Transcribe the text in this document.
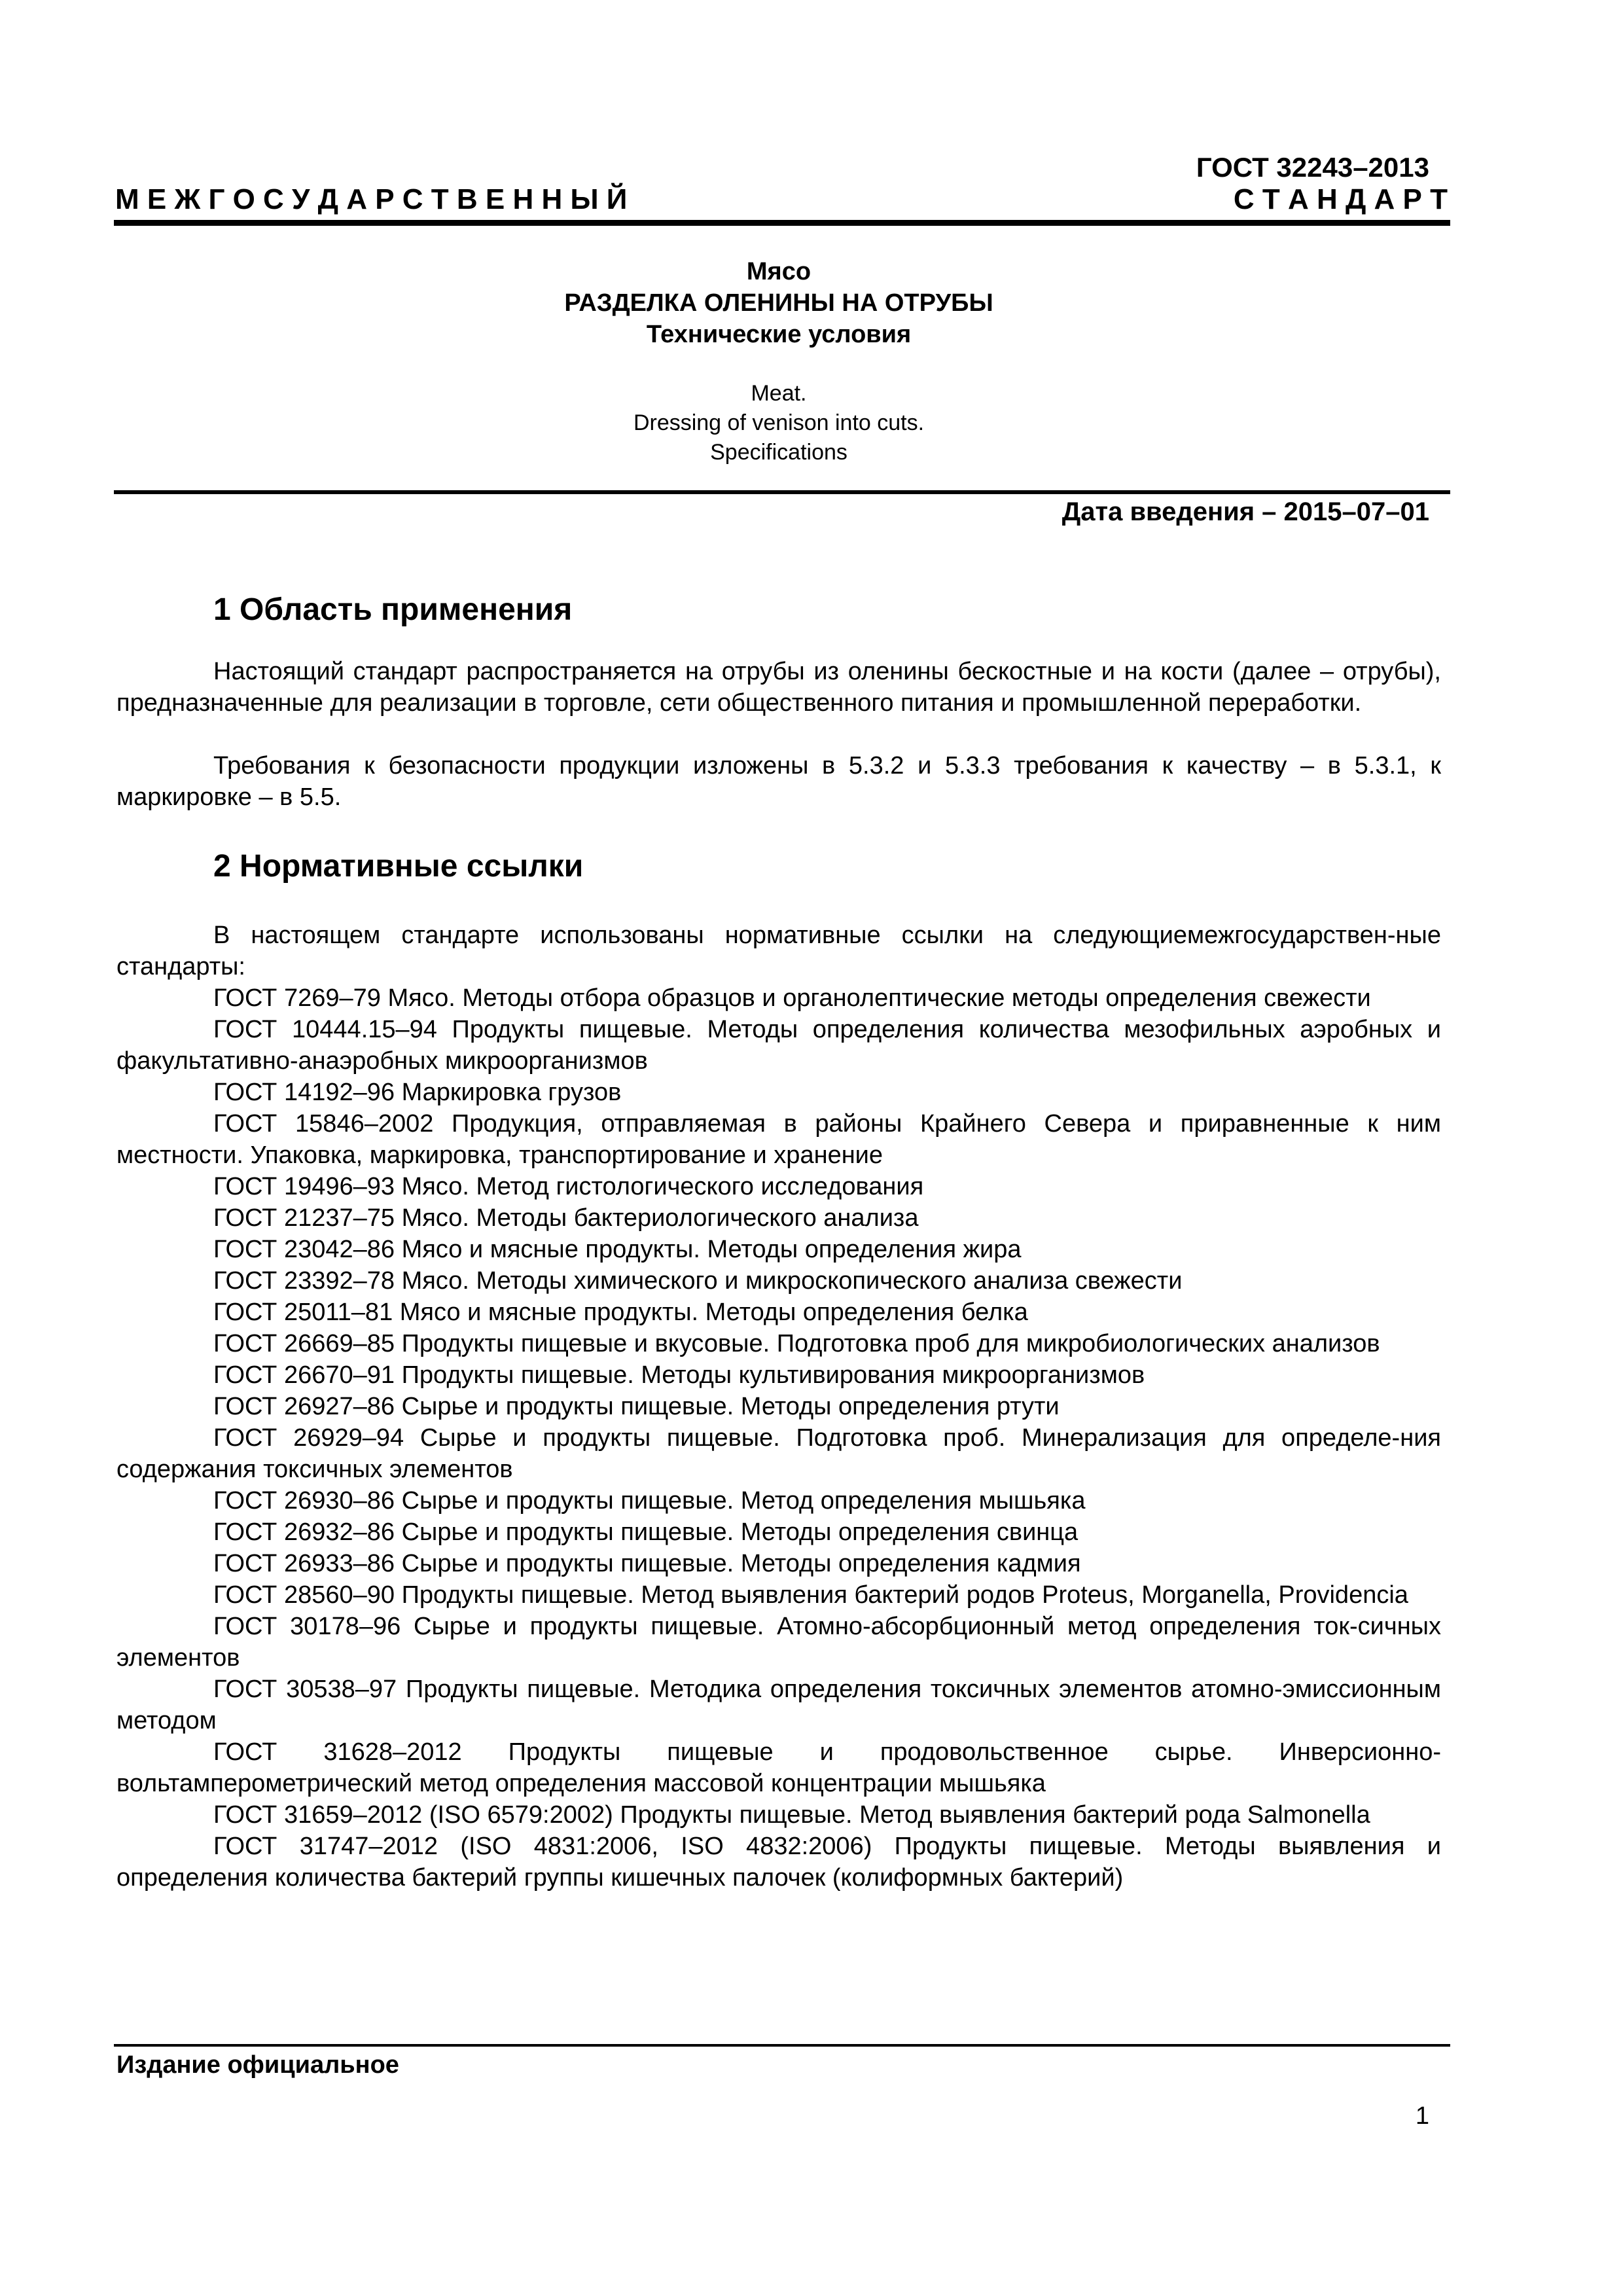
ГОСТ 32243–2013
М Е Ж Г О С У Д А Р С Т В Е Н Н Ы Й	С Т А Н Д А Р Т
Мясо
РАЗДЕЛКА ОЛЕНИНЫ НА ОТРУБЫ
Технические условия
Meat.
Dressing of venison into cuts.
Specifications
Дата введения – 2015–07–01
1 Область применения
Настоящий стандарт распространяется на отрубы из оленины бескостные и на кости (далее – отрубы), предназначенные для реализации в торговле, сети общественного питания и промышленной переработки.
Требования к безопасности продукции изложены в 5.3.2 и 5.3.3 требования к качеству – в 5.3.1, к маркировке – в 5.5.
2 Нормативные ссылки

В настоящем стандарте использованы нормативные ссылки на следующиемежгосударствен-ные стандарты:

ГОСТ 7269–79 Мясо. Методы отбора образцов и органолептические методы определения свежести

ГОСТ 10444.15–94 Продукты пищевые. Методы определения количества мезофильных аэробных и факультативно-анаэробных микроорганизмов

ГОСТ 14192–96 Маркировка грузов

ГОСТ 15846–2002 Продукция, отправляемая в районы Крайнего Севера и приравненные к ним местности. Упаковка, маркировка, транспортирование и хранение

ГОСТ 19496–93 Мясо. Метод гистологического исследования

ГОСТ 21237–75 Мясо. Методы бактериологического анализа

ГОСТ 23042–86 Мясо и мясные продукты. Методы определения жира

ГОСТ 23392–78 Мясо. Методы химического и микроскопического анализа свежести

ГОСТ 25011–81 Мясо и мясные продукты. Методы определения белка

ГОСТ 26669–85 Продукты пищевые и вкусовые. Подготовка проб для микробиологических анализов

ГОСТ 26670–91 Продукты пищевые. Методы культивирования микроорганизмов

ГОСТ 26927–86 Сырье и продукты пищевые. Методы определения ртути

ГОСТ 26929–94 Сырье и продукты пищевые. Подготовка проб. Минерализация для определе-ния содержания токсичных элементов

ГОСТ 26930–86 Сырье и продукты пищевые. Метод определения мышьяка

ГОСТ 26932–86 Сырье и продукты пищевые. Методы определения свинца

ГОСТ 26933–86 Сырье и продукты пищевые. Методы определения кадмия

ГОСТ 28560–90 Продукты пищевые. Метод выявления бактерий родов Proteus, Morganella, Providencia

ГОСТ 30178–96 Сырье и продукты пищевые. Атомно-абсорбционный метод определения ток-сичных элементов

ГОСТ 30538–97 Продукты пищевые. Методика определения токсичных элементов атомно-эмиссионным методом

ГОСТ 31628–2012 Продукты пищевые и продовольственное сырье. Инверсионно-вольтамперометрический метод определения массовой концентрации мышьяка

ГОСТ 31659–2012 (ISO 6579:2002) Продукты пищевые. Метод выявления бактерий рода Salmonella

ГОСТ 31747–2012 (ISO 4831:2006, ISO 4832:2006) Продукты пищевые. Методы выявления и определения количества бактерий группы кишечных палочек (колиформных бактерий)

Издание официальное
1
